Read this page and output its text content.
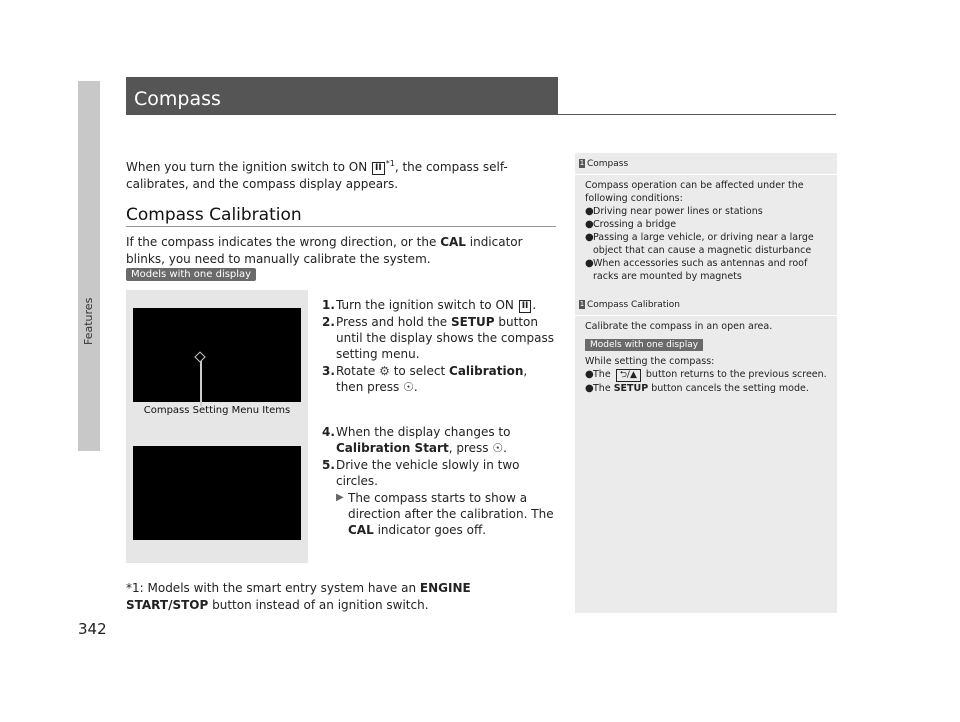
Features
342
Compass
When you turn the ignition switch to ON II $^{*1}$, the compass self-calibrates, and the compass display appears.
Compass Calibration
If the compass indicates the wrong direction, or the CAL indicator blinks, you need to manually calibrate the system.
Models with one display
Compass Setting Menu Items
1. Turn the ignition switch to ON II .
2. Press and hold the SETUP button until the display shows the compass setting menu.
3. Rotate ⚙ to select Calibration, then press ☉.
4. When the display changes to Calibration Start, press ☉.
5. Drive the vehicle slowly in two circles.
▶ The compass starts to show a direction after the calibration. The CAL indicator goes off.
*1: Models with the smart entry system have an ENGINE START/STOP button instead of an ignition switch.
1 Compass
Compass operation can be affected under the following conditions:
● Driving near power lines or stations
● Crossing a bridge
● Passing a large vehicle, or driving near a large object that can cause a magnetic disturbance
● When accessories such as antennas and roof racks are mounted by magnets
1 Compass Calibration
Calibrate the compass in an open area.
Models with one display
While setting the compass:
● The ⮌/▲ button returns to the previous screen.
● The SETUP button cancels the setting mode.
